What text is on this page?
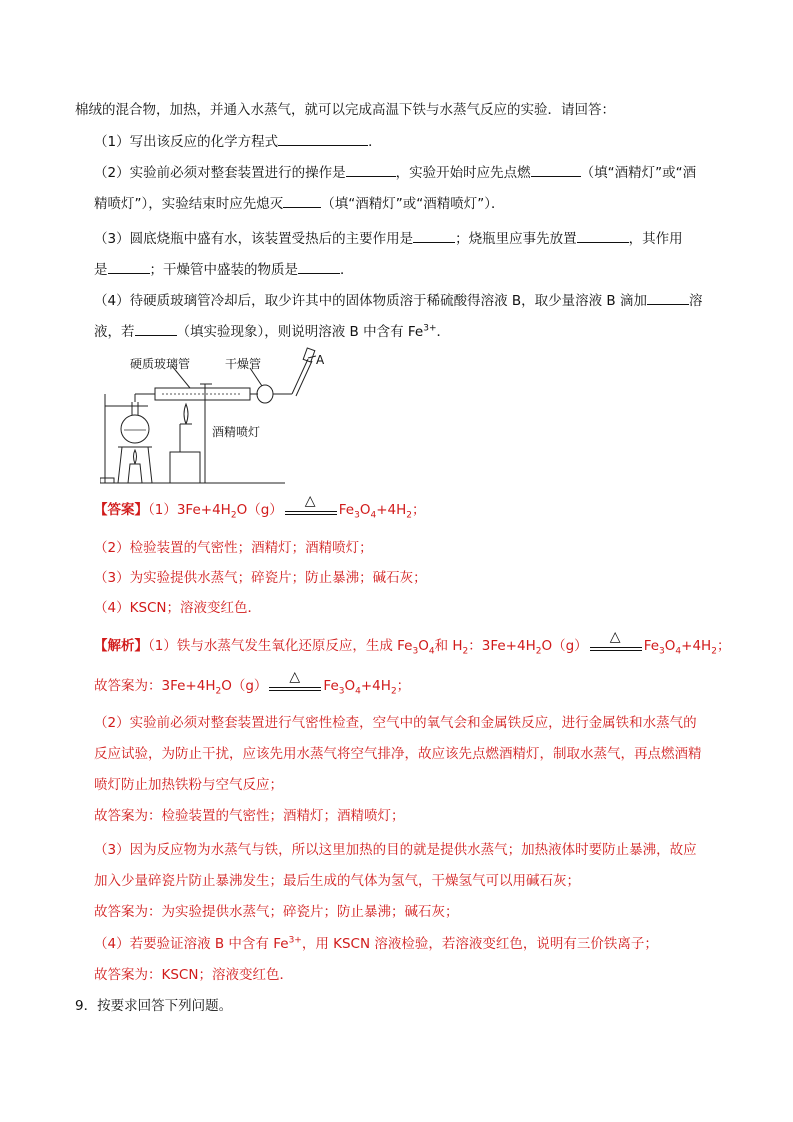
棉绒的混合物，加热，并通入水蒸气，就可以完成高温下铁与水蒸气反应的实验．请回答：
（1）写出该反应的化学方程式	．
（2）实验前必须对整套装置进行的操作是	，实验开始时应先点燃	（填“酒精灯”或“酒
精喷灯”），实验结束时应先熄灭	（填“酒精灯”或“酒精喷灯”）．
（3）圆底烧瓶中盛有水，该装置受热后的主要作用是	；烧瓶里应事先放置	，其作用
是	；干燥管中盛装的物质是	．
（4）待硬质玻璃管冷却后，取少许其中的固体物质溶于稀硫酸得溶液 B，取少量溶液 B 滴加	溶
液，若	（填实验现象），则说明溶液 B 中含有 $Fe^{3+}$．
硬质玻璃管	干燥管	A
酒精喷灯
【答案】$(1)3Fe+4H_2O(g)$
△
$Fe_3O_4+4H_2$；
（2）检验装置的气密性；酒精灯；酒精喷灯；
（3）为实验提供水蒸气；碎瓷片；防止暴沸；碱石灰；
（4）KSCN；溶液变红色．
【解析】（1）铁与水蒸气发生氧化还原反应，生成 $Fe_3O_4$和 $H_2$：$3Fe+4H_2O(g)$
△
$Fe_3O_4+4H_2$；
故答案为：$3Fe+4H_2O(g)$
△
$Fe_3O_4+4H_2$；
（2）实验前必须对整套装置进行气密性检查，空气中的氧气会和金属铁反应，进行金属铁和水蒸气的
反应试验，为防止干扰，应该先用水蒸气将空气排净，故应该先点燃酒精灯，制取水蒸气，再点燃酒精
喷灯防止加热铁粉与空气反应；
故答案为：检验装置的气密性；酒精灯；酒精喷灯；
（3）因为反应物为水蒸气与铁，所以这里加热的目的就是提供水蒸气；加热液体时要防止暴沸，故应
加入少量碎瓷片防止暴沸发生；最后生成的气体为氢气，干燥氢气可以用碱石灰；
故答案为：为实验提供水蒸气；碎瓷片；防止暴沸；碱石灰；
（4）若要验证溶液 B 中含有 $Fe^{3+}$，用 KSCN 溶液检验，若溶液变红色，说明有三价铁离子；
故答案为：KSCN；溶液变红色．
9．按要求回答下列问题。
